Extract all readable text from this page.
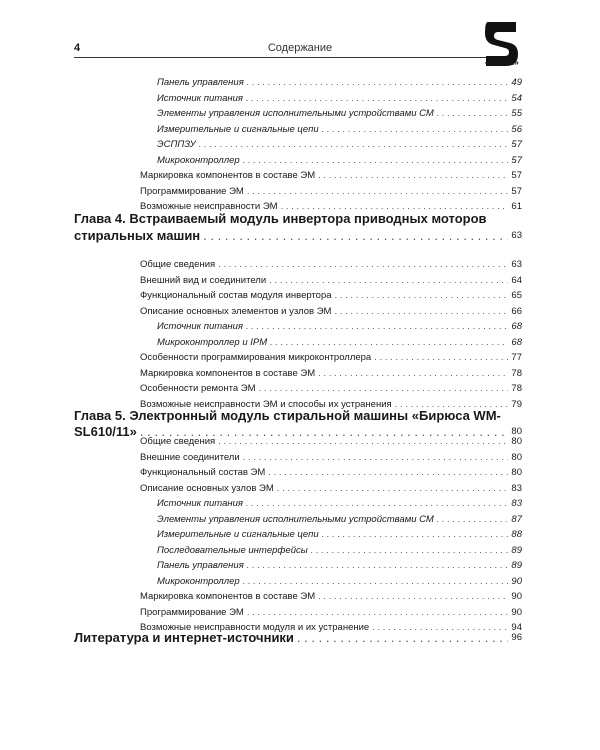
4	Содержание
«солон»
Панель управления . . .	49
Источник питания . . .	54
Элементы управления исполнительными устройствами СМ . . .	55
Измерительные и сигнальные цепи . . .	56
ЭСППЗУ . . .	57
Микроконтроллер . . .	57
Маркировка компонентов в составе ЭМ . . .	57
Программирование ЭМ . . .	57
Возможные неисправности ЭМ . . .	61
Глава 4. Встраиваемый модуль инвертора приводных моторов
стиральных машин . . .	63
Общие сведения . . .	63
Внешний вид и соединители . . .	64
Функциональный состав модуля инвертора . . .	65
Описание основных элементов и узлов ЭМ . . .	66
Источник питания . . .	68
Микроконтроллер и IPM . . .	68
Особенности программирования микроконтроллера . . .	77
Маркировка компонентов в составе ЭМ . . .	78
Особенности ремонта ЭМ . . .	78
Возможные неисправности ЭМ и способы их устранения . . .	79
Глава 5. Электронный модуль стиральной машины «Бирюса WM-
SL610/11» . . .	80
Общие сведения . . .	80
Внешние соединители . . .	80
Функциональный состав ЭМ . . .	80
Описание основных узлов ЭМ . . .	83
Источник питания . . .	83
Элементы управления исполнительными устройствами СМ . . .	87
Измерительные и сигнальные цепи . . .	88
Последовательные интерфейсы . . .	89
Панель управления . . .	89
Микроконтроллер . . .	90
Маркировка компонентов в составе ЭМ . . .	90
Программирование ЭМ . . .	90
Возможные неисправности модуля и их устранение . . .	94
Литература и интернет-источники . . .	96
